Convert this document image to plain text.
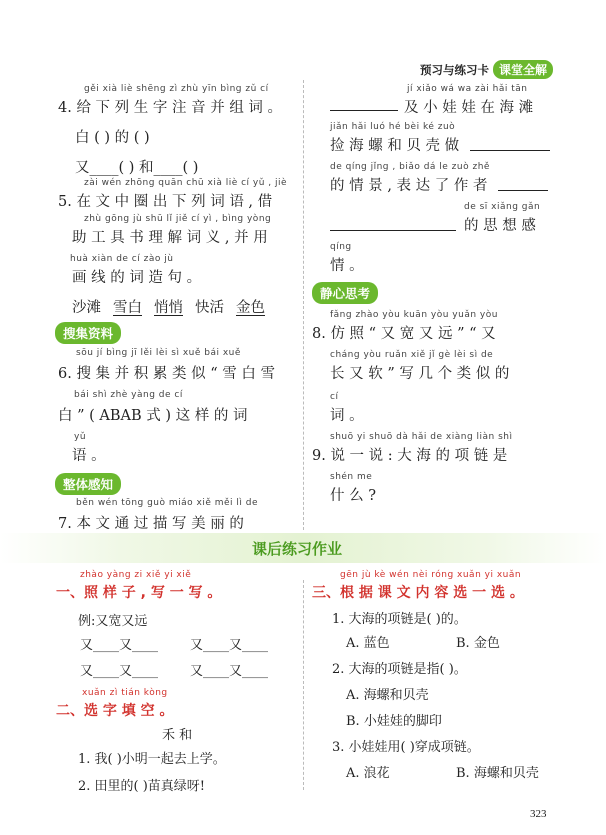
预习与练习卡 课堂全解
gěi xià liè shēng zì zhù yīn bìng zǔ cí
4. 给 下 列 生 字 注 音 并 组 词 。
白 ( ) 的 ( )
又____( ) 和____( )
zài wén zhōng quān chū xià liè cí yǔ , jiè
5. 在 文 中 圈 出 下 列 词 语 , 借
zhù gōng jù shū lǐ jiě cí yì , bìng yòng
助 工 具 书 理 解 词 义 , 并 用
huà xiàn de cí zào jù
画 线 的 词 造 句 。
沙滩 雪白 悄悄 快活 金色
搜集资料
sōu jí bìng jī lěi lèi sì xuě bái xuě
6. 搜 集 并 积 累 类 似 “ 雪 白 雪
bái shì zhè yàng de cí
白 ” ( ABAB 式 ) 这 样 的 词
yǔ
语 。
整体感知
běn wén tōng guò miáo xiě měi lì de
7. 本 文 通 过 描 写 美 丽 的
jí xiǎo wá wa zài hǎi tān
及 小 娃 娃 在 海 滩
jiǎn hǎi luó hé bèi ké zuò
捡 海 螺 和 贝 壳 做
de qíng jǐng , biǎo dá le zuò zhě
的 情 景 , 表 达 了 作 者
de sī xiǎng gǎn
的 思 想 感
qíng
情 。
静心思考
fǎng zhào yòu kuān yòu yuǎn yòu
8. 仿 照 “ 又 宽 又 远 ” “ 又
cháng yòu ruǎn xiě jǐ gè lèi sì de
长 又 软 ” 写 几 个 类 似 的
cí
词 。
shuō yi shuō dà hǎi de xiàng liàn shì
9. 说 一 说 : 大 海 的 项 链 是
shén me
什 么 ?
课后练习作业
zhào yàng zi xiě yi xiě
一、照 样 子 , 写 一 写 。
例:又宽又远
又____又____ 又____又____
又____又____ 又____又____
xuǎn zì tián kòng
二、选 字 填 空 。
禾 和
1. 我( )小明一起去上学。
2. 田里的( )苗真绿呀!
gēn jù kè wén nèi róng xuǎn yi xuǎn
三、根 据 课 文 内 容 选 一 选 。
1. 大海的项链是( )的。
A. 蓝色	B. 金色
2. 大海的项链是指( )。
A. 海螺和贝壳
B. 小娃娃的脚印
3. 小娃娃用( )穿成项链。
A. 浪花	B. 海螺和贝壳
323
